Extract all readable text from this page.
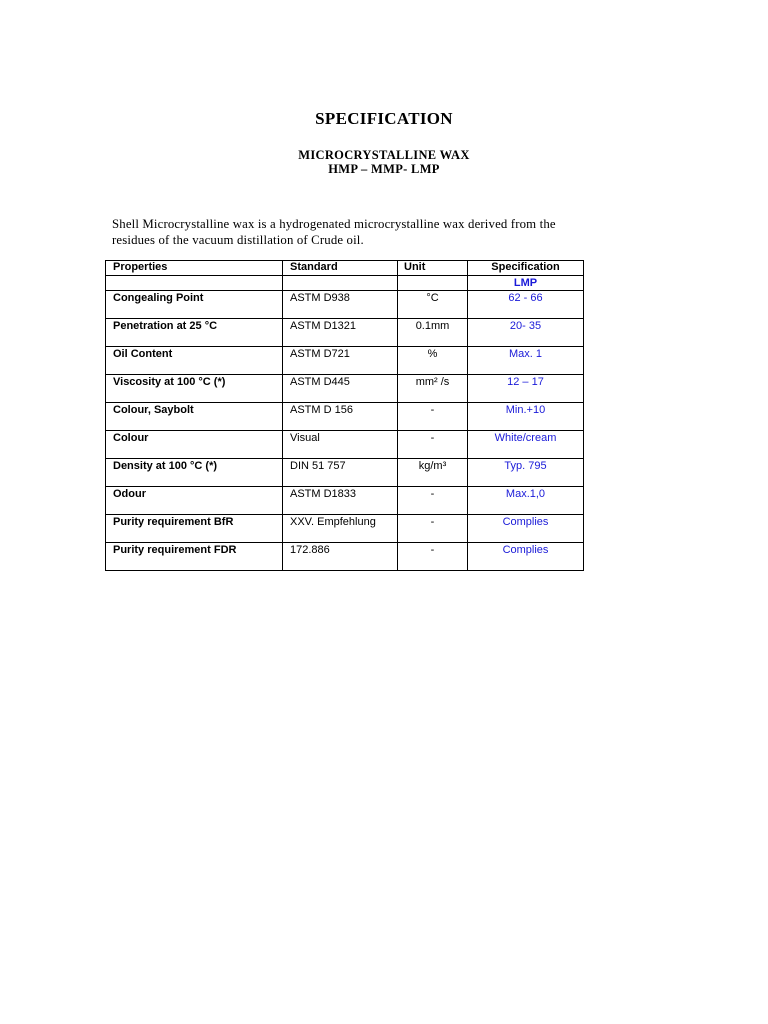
SPECIFICATION
MICROCRYSTALLINE WAX
HMP – MMP- LMP
Shell Microcrystalline wax is a hydrogenated microcrystalline wax derived from the
residues of the vacuum distillation of Crude oil.
Properties	Standard	Unit	Specification
			LMP
Congealing Point	ASTM D938	°C	62 - 66
Penetration at 25 °C	ASTM D1321	0.1mm	20- 35
Oil Content	ASTM D721	%	Max. 1
Viscosity at 100 °C (*)	ASTM D445	mm² /s	12 – 17
Colour, Saybolt	ASTM D 156	-	Min.+10
Colour	Visual	-	White/cream
Density at 100 °C (*)	DIN 51 757	kg/m³	Typ. 795
Odour	ASTM D1833	-	Max.1,0
Purity requirement BfR	XXV. Empfehlung	-	Complies
Purity requirement FDR	172.886	-	Complies
